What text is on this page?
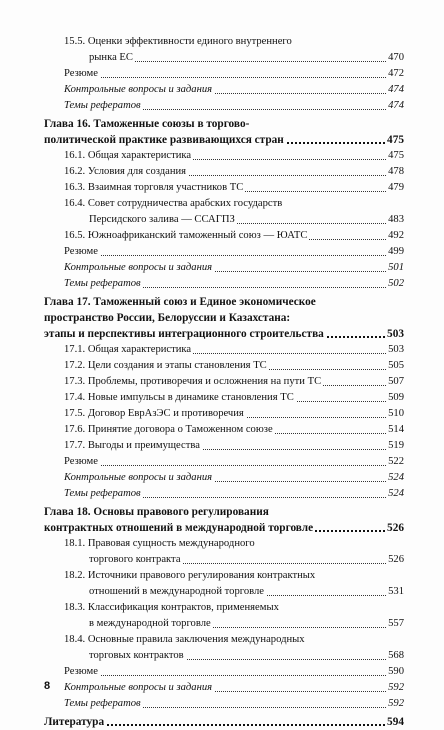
15.5. Оценки эффективности единого внутреннего
рынка ЕС	470
Резюме	472
Контрольные вопросы и задания	474
Темы рефератов	474
Глава 16. Таможенные союзы в торгово-
политической практике развивающихся стран	475
16.1. Общая характеристика	475
16.2. Условия для создания	478
16.3. Взаимная торговля участников ТС	479
16.4. Совет сотрудничества арабских государств
Персидского залива — ССАГПЗ	483
16.5. Южноафриканский таможенный союз — ЮАТС	492
Резюме	499
Контрольные вопросы и задания	501
Темы рефератов	502
Глава 17. Таможенный союз и Единое экономическое
пространство России, Белоруссии и Казахстана:
этапы и перспективы интеграционного строительства	503
17.1. Общая характеристика	503
17.2. Цели создания и этапы становления ТС	505
17.3. Проблемы, противоречия и осложнения на пути ТС	507
17.4. Новые импульсы в динамике становления ТС	509
17.5. Договор ЕврАзЭС и противоречия	510
17.6. Принятие договора о Таможенном союзе	514
17.7. Выгоды и преимущества	519
Резюме	522
Контрольные вопросы и задания	524
Темы рефератов	524
Глава 18. Основы правового регулирования
контрактных отношений в международной торговле	526
18.1. Правовая сущность международного
торгового контракта	526
18.2. Источники правового регулирования контрактных
отношений в международной торговле	531
18.3. Классификация контрактов, применяемых
в международной торговле	557
18.4. Основные правила заключения международных
торговых контрактов	568
Резюме	590
Контрольные вопросы и задания	592
Темы рефератов	592
Литература	594
8
